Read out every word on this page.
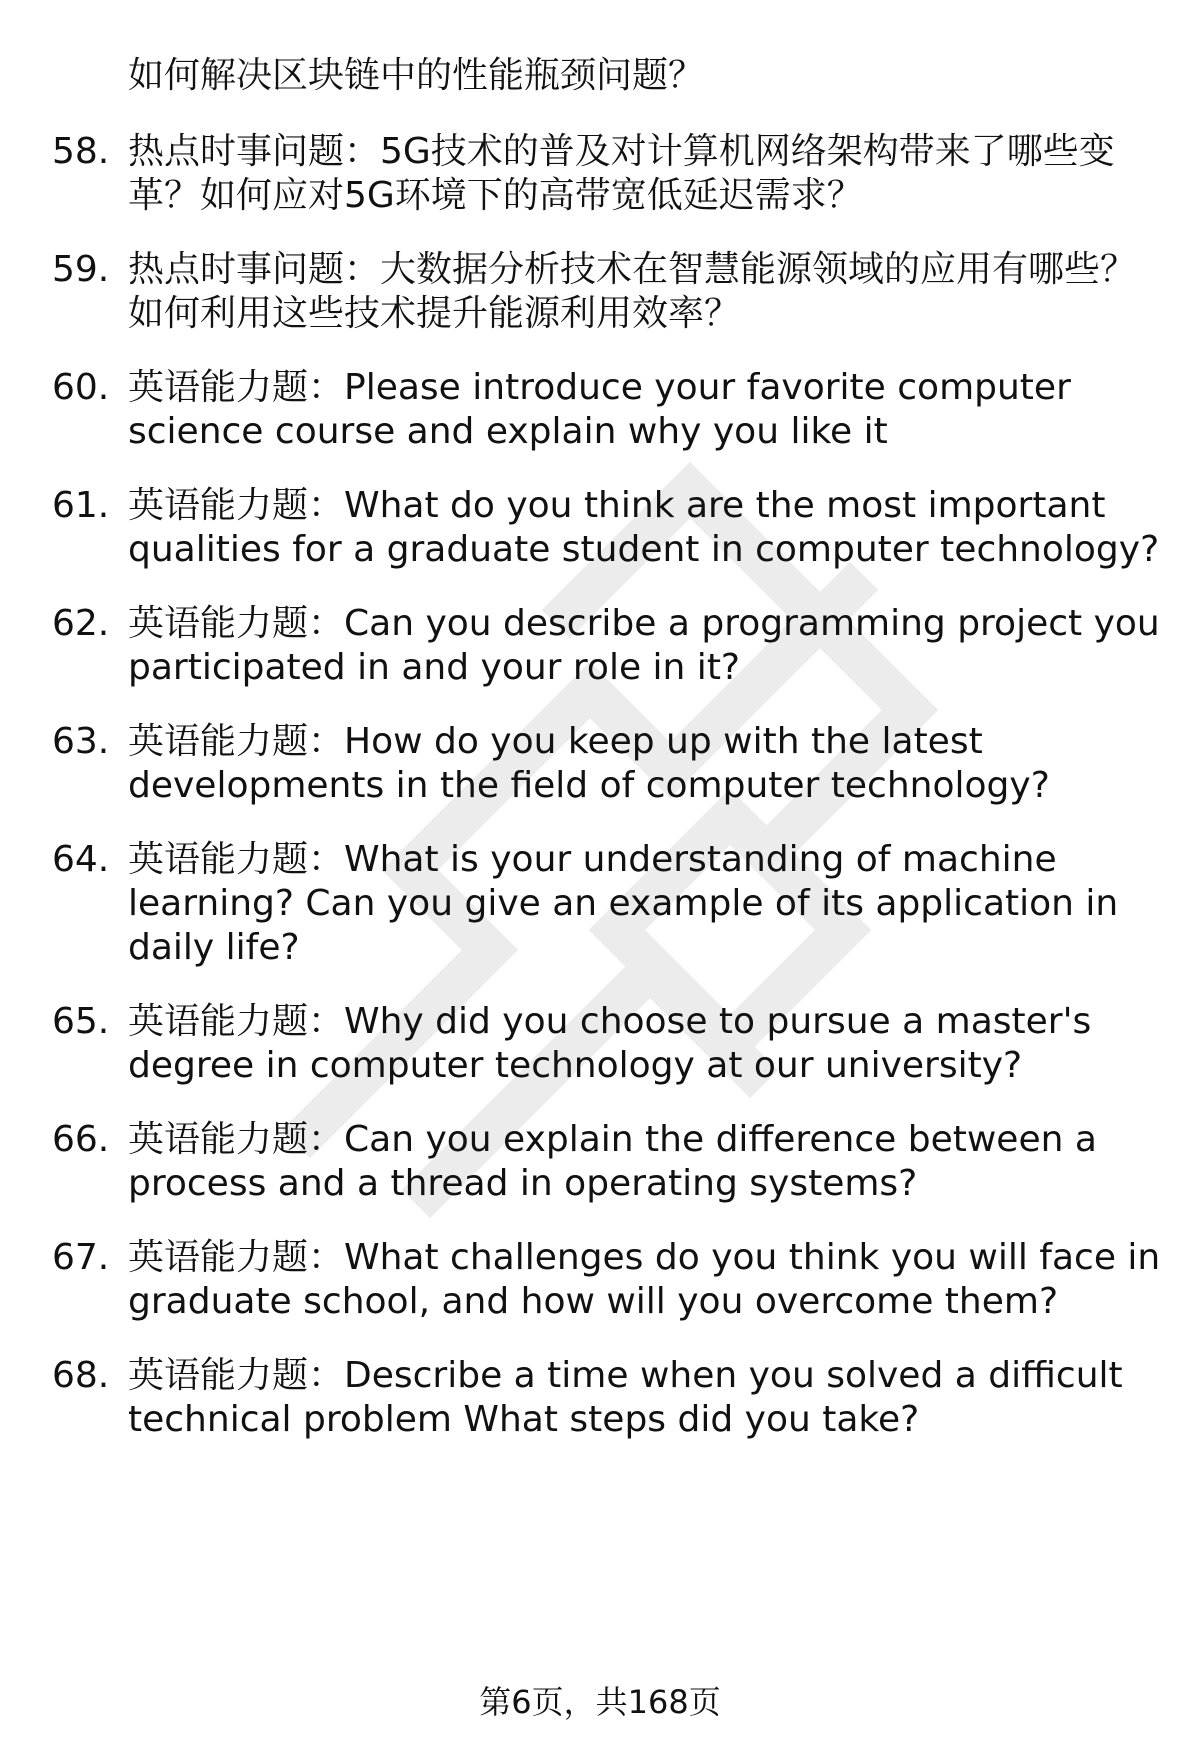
如何解决区块链中的性能瓶颈问题？
58. 热点时事问题：5G技术的普及对计算机网络架构带来了哪些变
革？如何应对5G环境下的高带宽低延迟需求？
59. 热点时事问题：大数据分析技术在智慧能源领域的应用有哪些？
如何利用这些技术提升能源利用效率？
60. 英语能力题：Please introduce your favorite computer
science course and explain why you like it
61. 英语能力题：What do you think are the most important
qualities for a graduate student in computer technology?
62. 英语能力题：Can you describe a programming project you
participated in and your role in it?
63. 英语能力题：How do you keep up with the latest
developments in the field of computer technology?
64. 英语能力题：What is your understanding of machine
learning? Can you give an example of its application in
daily life?
65. 英语能力题：Why did you choose to pursue a master's
degree in computer technology at our university?
66. 英语能力题：Can you explain the difference between a
process and a thread in operating systems?
67. 英语能力题：What challenges do you think you will face in
graduate school, and how will you overcome them?
68. 英语能力题：Describe a time when you solved a difficult
technical problem What steps did you take?
第6页，共168页
